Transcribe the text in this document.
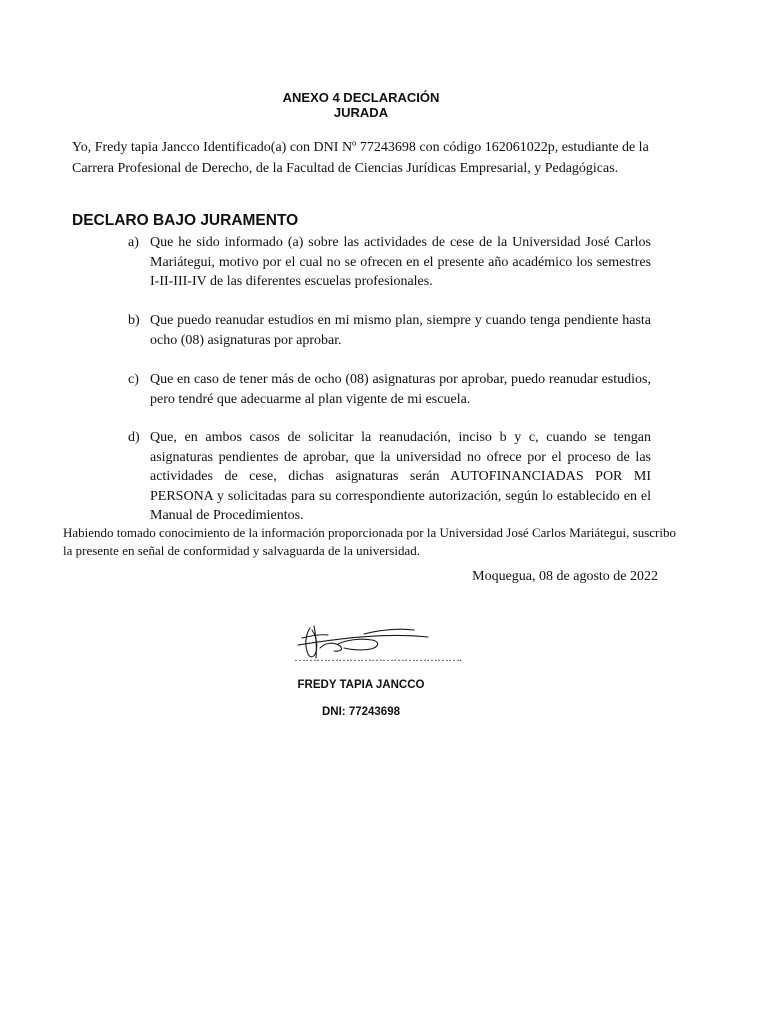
ANEXO 4 DECLARACIÓN
JURADA
Yo, Fredy tapia Jancco Identificado(a) con DNI Nº 77243698 con código 162061022p, estudiante de la Carrera Profesional de Derecho, de la Facultad de Ciencias Jurídicas Empresarial, y Pedagógicas.
DECLARO BAJO JURAMENTO
a) Que he sido informado (a) sobre las actividades de cese de la Universidad José Carlos Mariátegui, motivo por el cual no se ofrecen en el presente año académico los semestres I-II-III-IV de las diferentes escuelas profesionales.
b) Que puedo reanudar estudios en mi mismo plan, siempre y cuando tenga pendiente hasta ocho (08) asignaturas por aprobar.
c) Que en caso de tener más de ocho (08) asignaturas por aprobar, puedo reanudar estudios, pero tendré que adecuarme al plan vigente de mi escuela.
d) Que, en ambos casos de solicitar la reanudación, inciso b y c, cuando se tengan asignaturas pendientes de aprobar, que la universidad no ofrece por el proceso de las actividades de cese, dichas asignaturas serán AUTOFINANCIADAS POR MI PERSONA y solicitadas para su correspondiente autorización, según lo establecido en el Manual de Procedimientos.
Habiendo tomado conocimiento de la información proporcionada por la Universidad José Carlos Mariátegui, suscribo la presente en señal de conformidad y salvaguarda de la universidad.
Moquegua, 08 de agosto de 2022
……………………………………….
FREDY TAPIA JANCCO
DNI: 77243698
